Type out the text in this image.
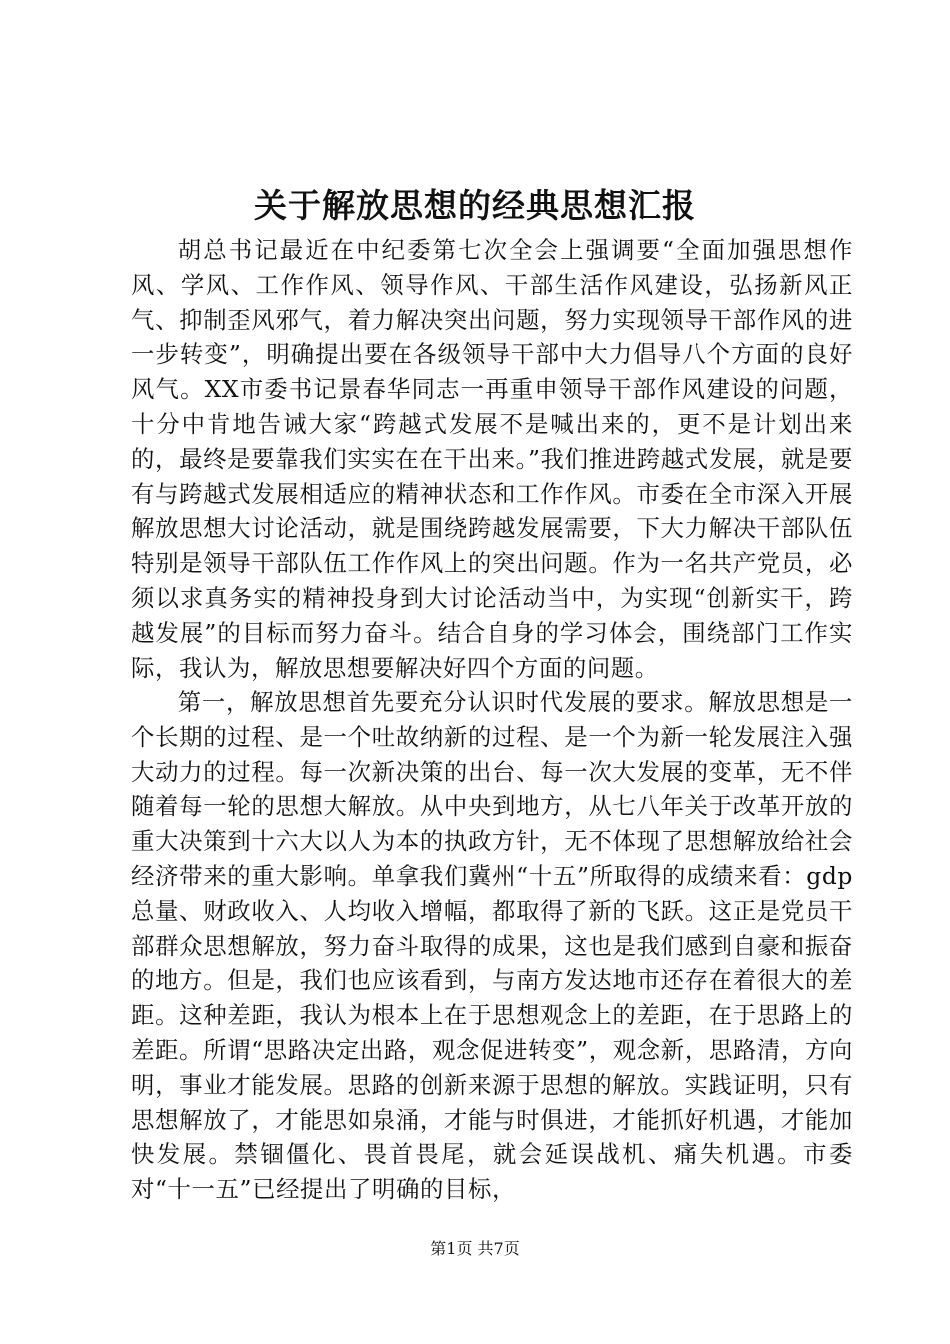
关于解放思想的经典思想汇报

胡总书记最近在中纪委第七次全会上强调要“全面加强思想作风、学风、工作作风、领导作风、干部生活作风建设，弘扬新风正气、抑制歪风邪气，着力解决突出问题，努力实现领导干部作风的进一步转变”，明确提出要在各级领导干部中大力倡导八个方面的良好风气。XX市委书记景春华同志一再重申领导干部作风建设的问题，十分中肯地告诫大家“跨越式发展不是喊出来的，更不是计划出来的，最终是要靠我们实实在在干出来。”我们推进跨越式发展，就是要有与跨越式发展相适应的精神状态和工作作风。市委在全市深入开展解放思想大讨论活动，就是围绕跨越发展需要，下大力解决干部队伍特别是领导干部队伍工作作风上的突出问题。作为一名共产党员，必须以求真务实的精神投身到大讨论活动当中，为实现“创新实干，跨越发展”的目标而努力奋斗。结合自身的学习体会，围绕部门工作实际，我认为，解放思想要解决好四个方面的问题。

第一，解放思想首先要充分认识时代发展的要求。解放思想是一个长期的过程、是一个吐故纳新的过程、是一个为新一轮发展注入强大动力的过程。每一次新决策的出台、每一次大发展的变革，无不伴随着每一轮的思想大解放。从中央到地方，从七八年关于改革开放的重大决策到十六大以人为本的执政方针，无不体现了思想解放给社会经济带来的重大影响。单拿我们冀州“十五”所取得的成绩来看：gdp总量、财政收入、人均收入增幅，都取得了新的飞跃。这正是党员干部群众思想解放，努力奋斗取得的成果，这也是我们感到自豪和振奋的地方。但是，我们也应该看到，与南方发达地市还存在着很大的差距。这种差距，我认为根本上在于思想观念上的差距，在于思路上的差距。所谓“思路决定出路，观念促进转变”，观念新，思路清，方向明，事业才能发展。思路的创新来源于思想的解放。实践证明，只有思想解放了，才能思如泉涌，才能与时俱进，才能抓好机遇，才能加快发展。禁锢僵化、畏首畏尾，就会延误战机、痛失机遇。市委对“十一五”已经提出了明确的目标，

第1页 共7页
